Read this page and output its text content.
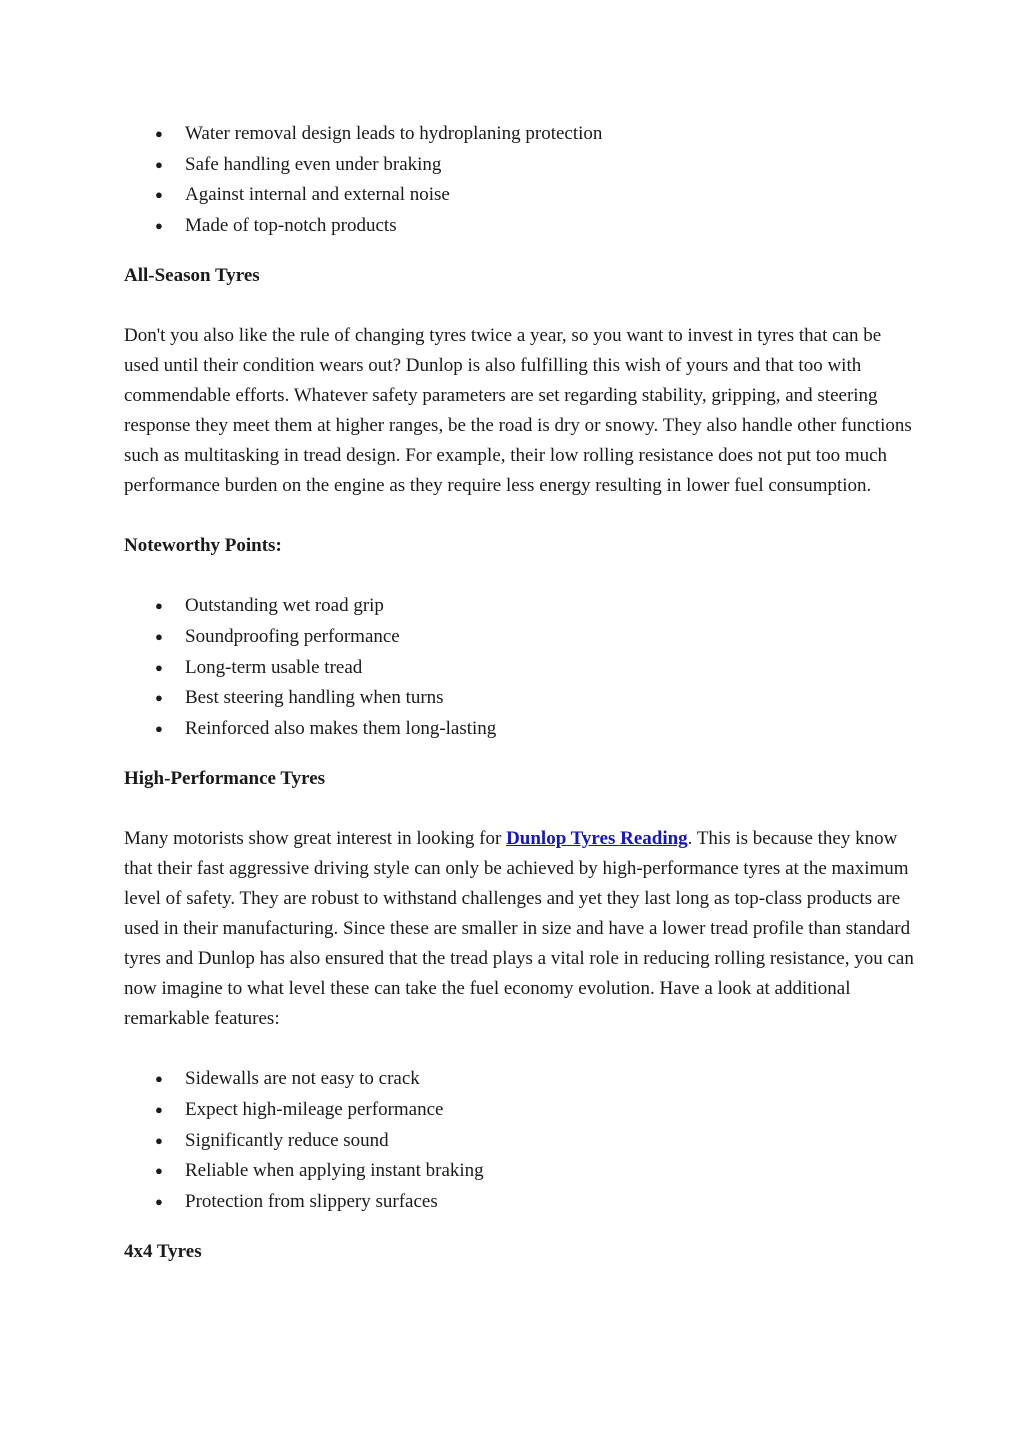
● Water removal design leads to hydroplaning protection
● Safe handling even under braking
● Against internal and external noise
● Made of top-notch products
All-Season Tyres

Don't you also like the rule of changing tyres twice a year, so you want to invest in tyres that can be used until their condition wears out? Dunlop is also fulfilling this wish of yours and that too with commendable efforts. Whatever safety parameters are set regarding stability, gripping, and steering response they meet them at higher ranges, be the road is dry or snowy. They also handle other functions such as multitasking in tread design. For example, their low rolling resistance does not put too much performance burden on the engine as they require less energy resulting in lower fuel consumption.

Noteworthy Points:
● Outstanding wet road grip
● Soundproofing performance
● Long-term usable tread
● Best steering handling when turns
● Reinforced also makes them long-lasting
High-Performance Tyres

Many motorists show great interest in looking for Dunlop Tyres Reading. This is because they know that their fast aggressive driving style can only be achieved by high-performance tyres at the maximum level of safety. They are robust to withstand challenges and yet they last long as top-class products are used in their manufacturing. Since these are smaller in size and have a lower tread profile than standard tyres and Dunlop has also ensured that the tread plays a vital role in reducing rolling resistance, you can now imagine to what level these can take the fuel economy evolution. Have a look at additional remarkable features:

● Sidewalls are not easy to crack
● Expect high-mileage performance
● Significantly reduce sound
● Reliable when applying instant braking
● Protection from slippery surfaces
4x4 Tyres
